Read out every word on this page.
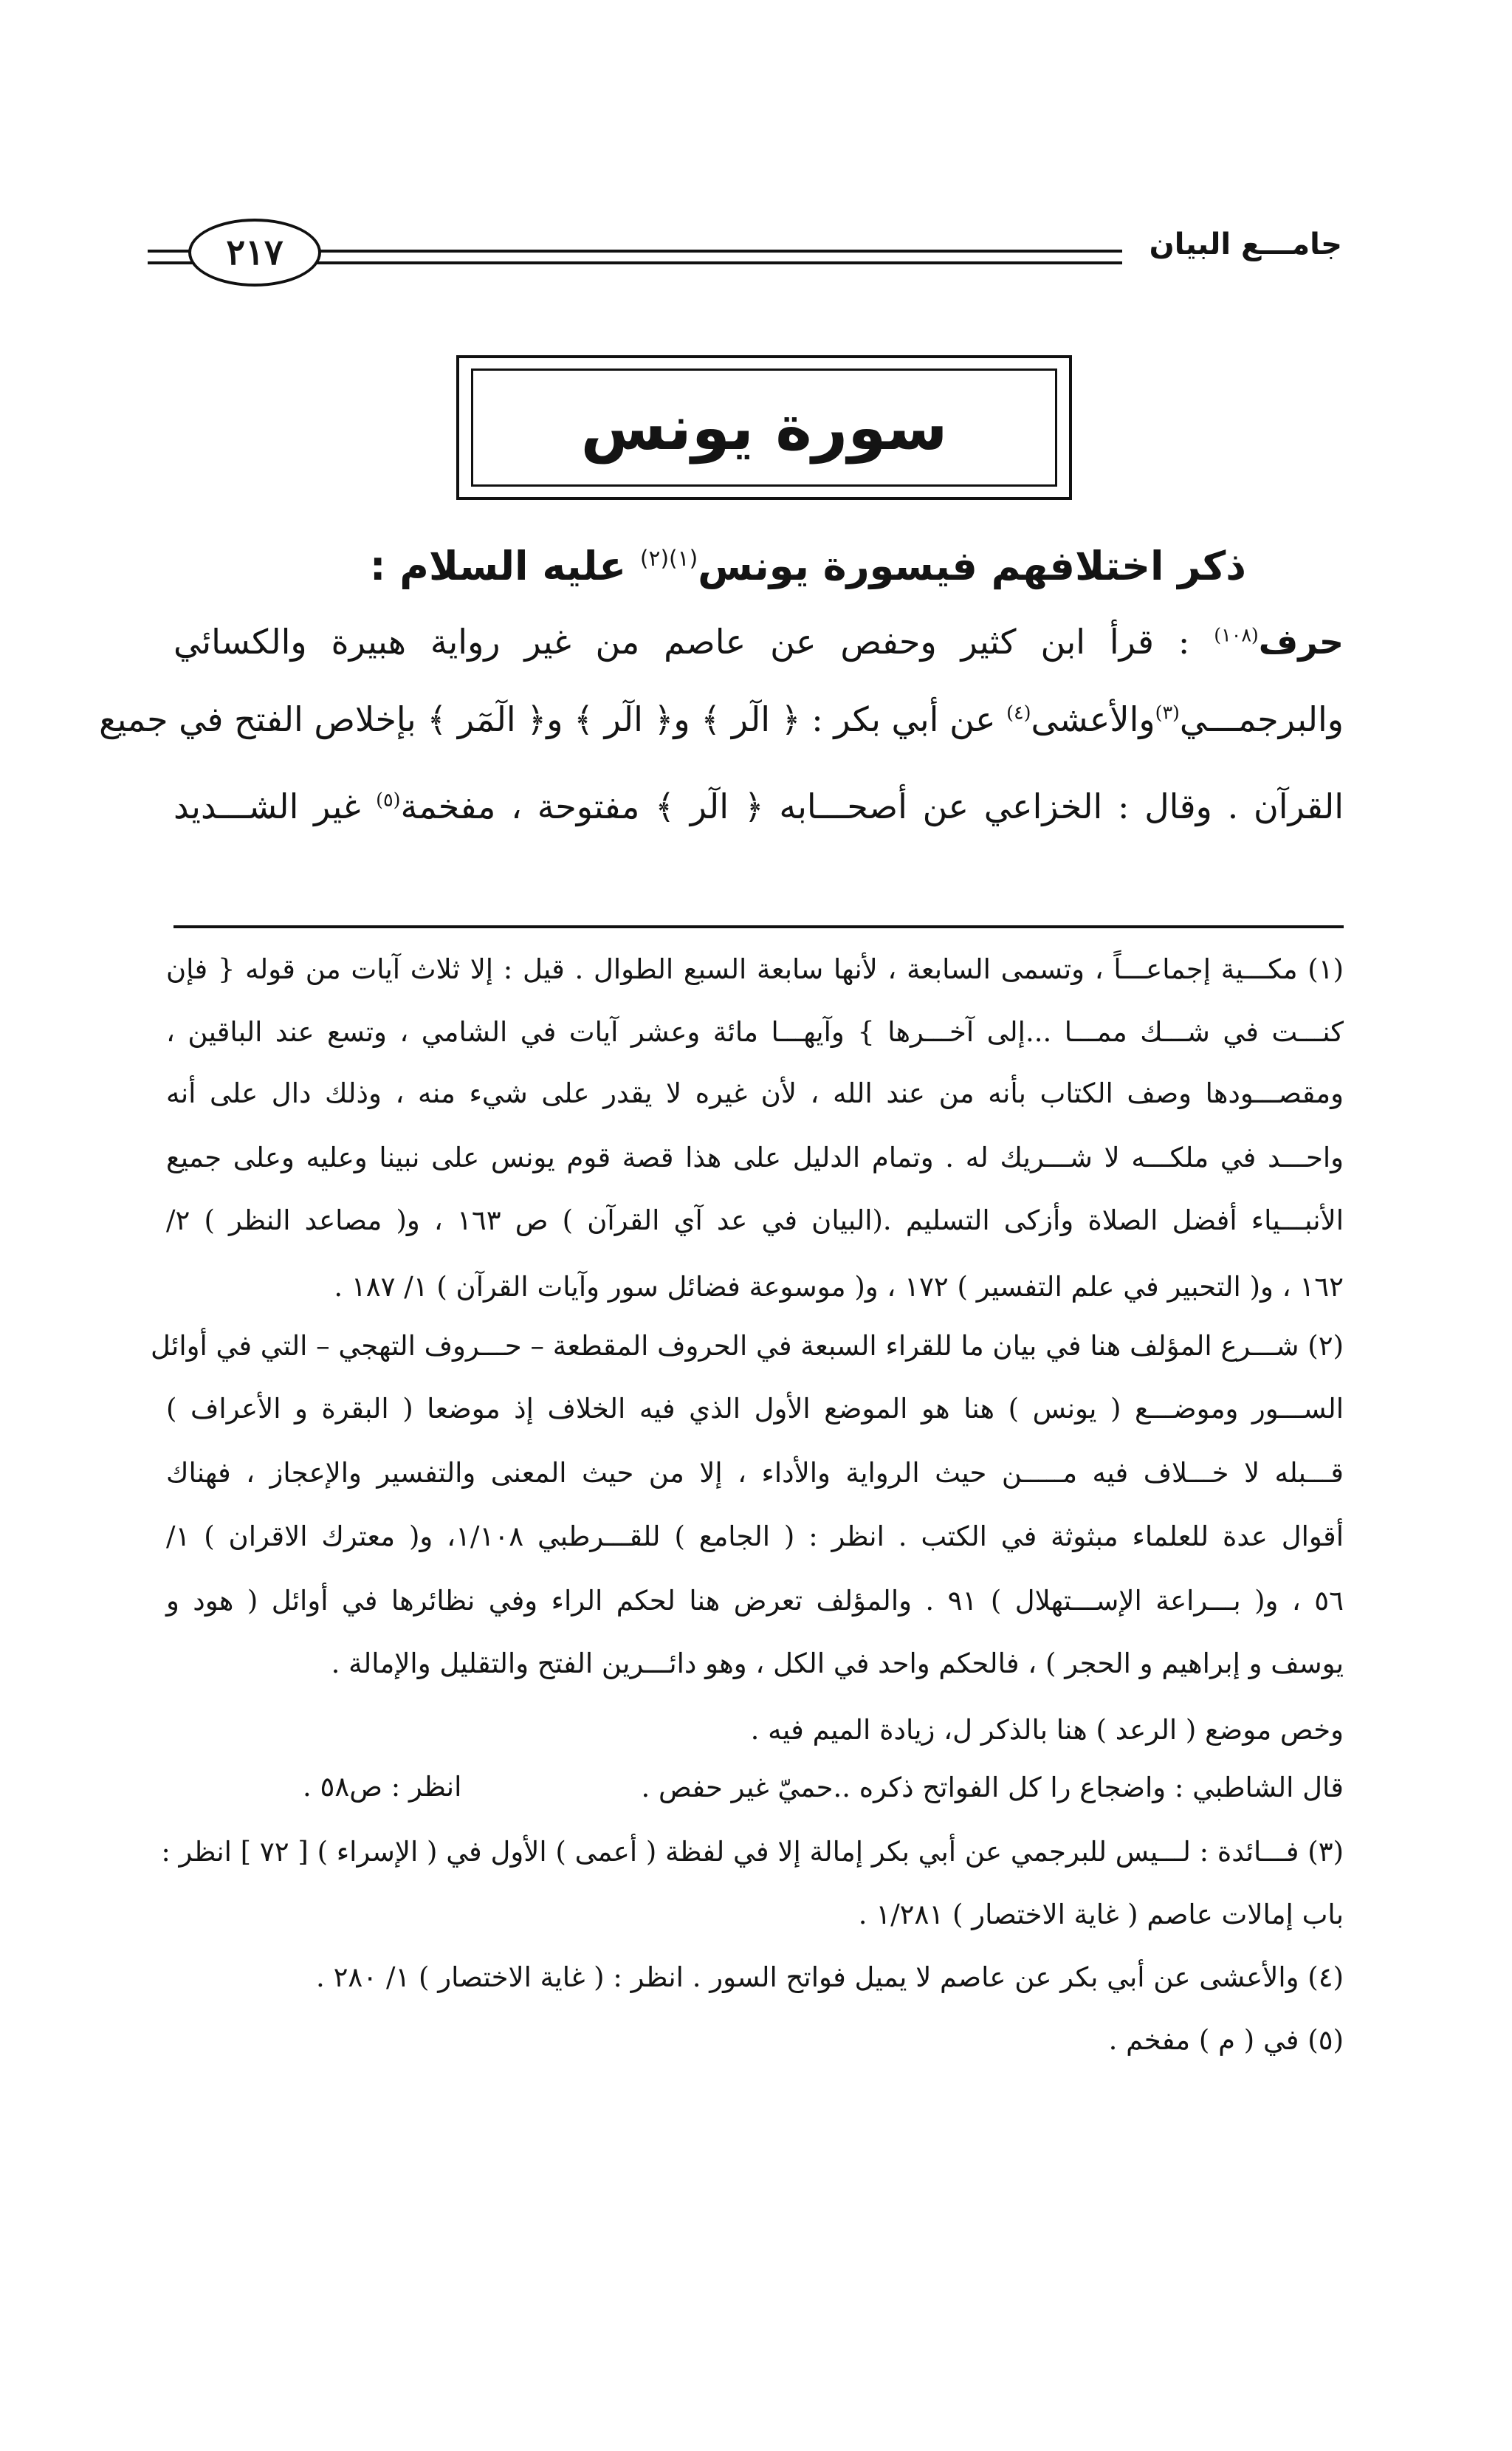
٢١٧	جامـــع البيان
سورة يونس
ذكر اختلافهم فيسورة يونس$^{(١)(٢)}$ عليه السلام :
حرف$^{(١٠٨)}$ : قرأ ابن كثير وحفص عن عاصم من غير رواية هبيرة والكسائي
والبرجمـــي$^{(٣)}$والأعشى$^{(٤)}$ عن أبي بكر : ﴿ الٓر ﴾ و﴿ الٓر ﴾ و﴿ الٓمٓر ﴾ بإخلاص الفتح في جميع
القرآن . وقال : الخزاعي عن أصحـــابه ﴿ الٓر ﴾ مفتوحة ، مفخمة$^{(٥)}$ غير الشـــديد
(١) مكـــية إجماعـــاً ، وتسمى السابعة ، لأنها سابعة السبع الطوال . قيل : إلا ثلاث آيات من قوله { فإن
كنـــت في شـــك ممـــا ...إلى آخـــرها } وآيهـــا مائة وعشر آيات في الشامي ، وتسع عند الباقين ،
ومقصـــودها وصف الكتاب بأنه من عند الله ، لأن غيره لا يقدر على شيء منه ، وذلك دال على أنه
واحـــد في ملكـــه لا شـــريك له . وتمام الدليل على هذا قصة قوم يونس على نبينا وعليه وعلى جميع
الأنبـــياء أفضل الصلاة وأزكى التسليم .(البيان في عد آي القرآن ) ص ١٦٣ ، و( مصاعد النظر ) ٢/
١٦٢ ، و( التحبير في علم التفسير ) ١٧٢ ، و( موسوعة فضائل سور وآيات القرآن ) ١/ ١٨٧ .
(٢) شـــرع المؤلف هنا في بيان ما للقراء السبعة في الحروف المقطعة – حـــروف التهجي – التي في أوائل
الســـور وموضـــع ( يونس ) هنا هو الموضع الأول الذي فيه الخلاف إذ موضعا ( البقرة و الأعراف )
قـــبله لا خـــلاف فيه مـــــن حيث الرواية والأداء ، إلا من حيث المعنى والتفسير والإعجاز ، فهناك
أقوال عدة للعلماء مبثوثة في الكتب . انظر : ( الجامع ) للقـــرطبي ١/١٠٨، و( معترك الاقران ) ١/
٥٦ ، و( بـــراعة الإســـتهلال ) ٩١ . والمؤلف تعرض هنا لحكم الراء وفي نظائرها في أوائل ( هود و
يوسف و إبراهيم و الحجر ) ، فالحكم واحد في الكل ، وهو دائـــرين الفتح والتقليل والإمالة .
وخص موضع ( الرعد ) هنا بالذكر ل، زيادة الميم فيه .
قال الشاطبي : واضجاع را كل الفواتح ذكره ..حميّ غير حفص .
انظر : ص٥٨ .
(٣) فـــائدة : لـــيس للبرجمي عن أبي بكر إمالة إلا في لفظة ( أعمى ) الأول في ( الإسراء ) [ ٧٢ ] انظر :
باب إمالات عاصم ( غاية الاختصار ) ١/٢٨١ .
(٤) والأعشى عن أبي بكر عن عاصم لا يميل فواتح السور . انظر : ( غاية الاختصار ) ١/ ٢٨٠ .
(٥) في ( م ) مفخم .
